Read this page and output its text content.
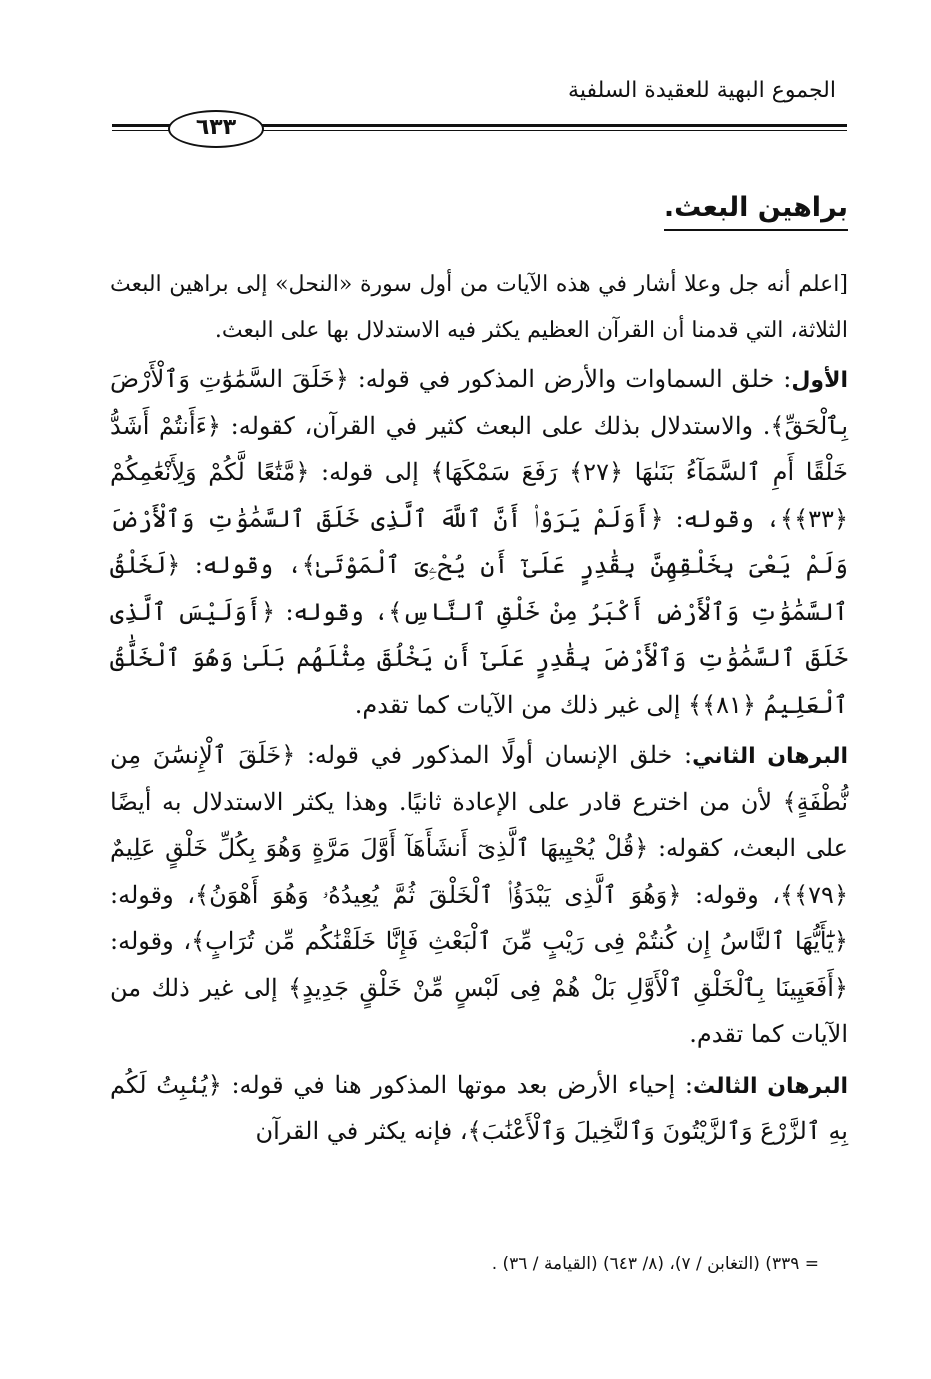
الجموع البهية للعقيدة السلفية
٦٣٣
براهين البعث.

[اعلم أنه جل وعلا أشار في هذه الآيات من أول سورة «النحل» إلى براهين البعث الثلاثة، التي قدمنا أن القرآن العظيم يكثر فيه الاستدلال بها على البعث.

الأول: خلق السماوات والأرض المذكور في قوله: ﴿خَلَقَ السَّمَٰوَٰتِ وَٱلْأَرْضَ بِٱلْحَقِّ﴾. والاستدلال بذلك على البعث كثير في القرآن، كقوله: ﴿ءَأَنتُمْ أَشَدُّ خَلْقًا أَمِ ٱلسَّمَآءُ بَنَىٰهَا ﴿٢٧﴾ رَفَعَ سَمْكَهَا﴾ إلى قوله: ﴿مَّتَٰعًا لَّكُمْ وَلِأَنْعَٰمِكُمْ ﴿٣٣﴾﴾، وقوله: ﴿أَوَلَمْ يَرَوْا۟ أَنَّ ٱللَّهَ ٱلَّذِى خَلَقَ ٱلسَّمَٰوَٰتِ وَٱلْأَرْضَ وَلَمْ يَعْىَ بِخَلْقِهِنَّ بِقَٰدِرٍ عَلَىٰٓ أَن يُحْۦِىَ ٱلْمَوْتَىٰ﴾، وقوله: ﴿لَخَلْقُ ٱلسَّمَٰوَٰتِ وَٱلْأَرْضِ أَكْبَرُ مِنْ خَلْقِ ٱلنَّاسِ﴾، وقوله: ﴿أَوَلَيْسَ ٱلَّذِى خَلَقَ ٱلسَّمَٰوَٰتِ وَٱلْأَرْضَ بِقَٰدِرٍ عَلَىٰٓ أَن يَخْلُقَ مِثْلَهُم بَلَىٰ وَهُوَ ٱلْخَلَّٰقُ ٱلْعَلِيمُ ﴿٨١﴾﴾ إلى غير ذلك من الآيات كما تقدم.

البرهان الثاني: خلق الإنسان أولًا المذكور في قوله: ﴿خَلَقَ ٱلْإِنسَٰنَ مِن نُّطْفَةٍ﴾ لأن من اخترع قادر على الإعادة ثانيًا. وهذا يكثر الاستدلال به أيضًا على البعث، كقوله: ﴿قُلْ يُحْيِيهَا ٱلَّذِىٓ أَنشَأَهَآ أَوَّلَ مَرَّةٍ وَهُوَ بِكُلِّ خَلْقٍ عَلِيمٌ ﴿٧٩﴾﴾، وقوله: ﴿وَهُوَ ٱلَّذِى يَبْدَؤُا۟ ٱلْخَلْقَ ثُمَّ يُعِيدُهُۥ وَهُوَ أَهْوَنُ﴾، وقوله: ﴿يَٰٓأَيُّهَا ٱلنَّاسُ إِن كُنتُمْ فِى رَيْبٍ مِّنَ ٱلْبَعْثِ فَإِنَّا خَلَقْنَٰكُم مِّن تُرَابٍ﴾، وقوله: ﴿أَفَعَيِينَا بِٱلْخَلْقِ ٱلْأَوَّلِ بَلْ هُمْ فِى لَبْسٍ مِّنْ خَلْقٍ جَدِيدٍ﴾ إلى غير ذلك من الآيات كما تقدم.

البرهان الثالث: إحياء الأرض بعد موتها المذكور هنا في قوله: ﴿يُنۢبِتُ لَكُم بِهِ ٱلزَّرْعَ وَٱلزَّيْتُونَ وَٱلنَّخِيلَ وَٱلْأَعْنَٰبَ﴾، فإنه يكثر في القرآن

= ٣٣٩) (التغابن / ٧)، (٨/ ٦٤٣) (القيامة / ٣٦) .
